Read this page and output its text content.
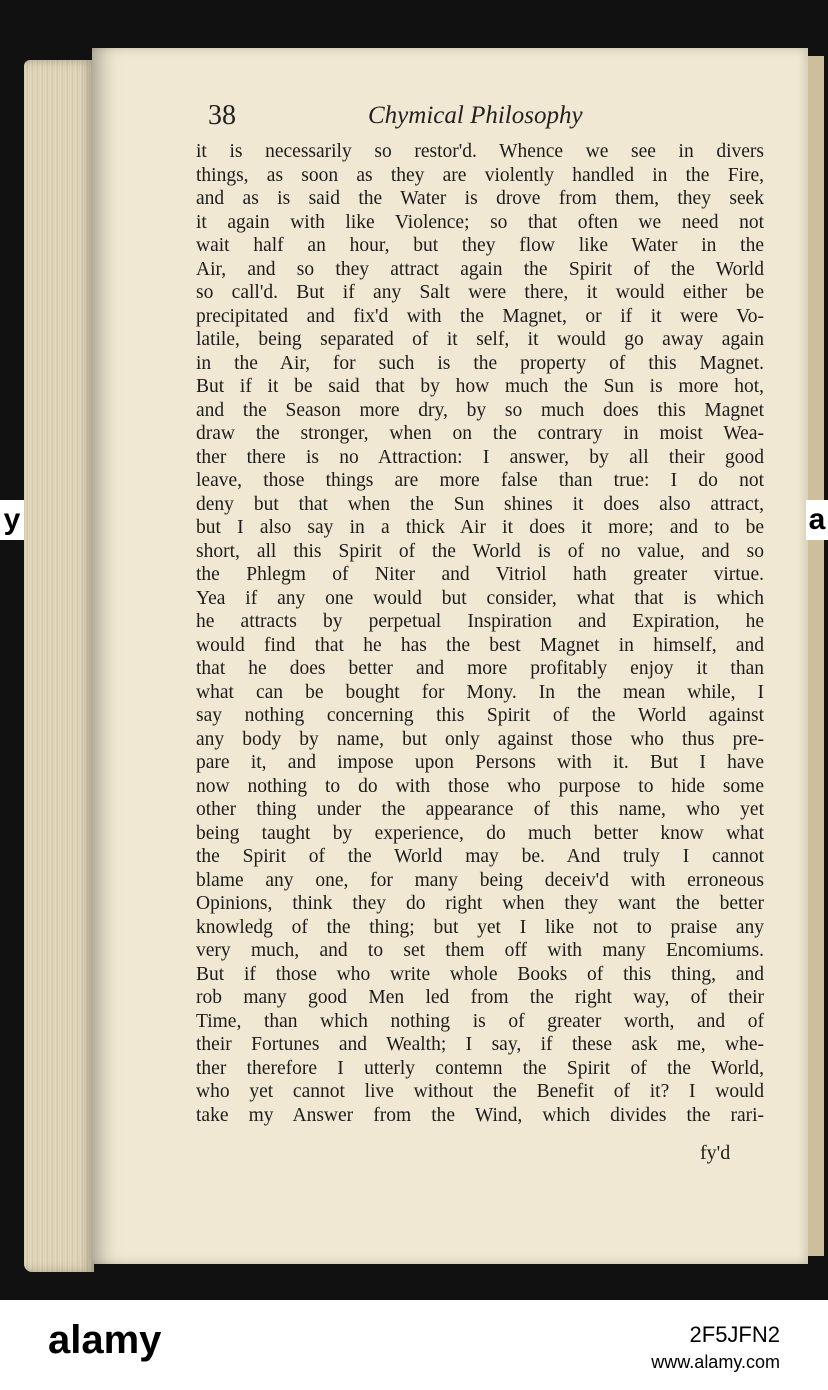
38	Chymical Philosophy
it is necessarily so restor'd. Whence we see in divers
things, as soon as they are violently handled in the Fire,
and as is said the Water is drove from them, they seek
it again with like Violence; so that often we need not
wait half an hour, but they flow like Water in the
Air, and so they attract again the Spirit of the World
so call'd. But if any Salt were there, it would either be
precipitated and fix'd with the Magnet, or if it were Vo-
latile, being separated of it self, it would go away again
in the Air, for such is the property of this Magnet.
But if it be said that by how much the Sun is more hot,
and the Season more dry, by so much does this Magnet
draw the stronger, when on the contrary in moist Wea-
ther there is no Attraction: I answer, by all their good
leave, those things are more false than true: I do not
deny but that when the Sun shines it does also attract,
but I also say in a thick Air it does it more; and to be
short, all this Spirit of the World is of no value, and so
the Phlegm of Niter and Vitriol hath greater virtue.
Yea if any one would but consider, what that is which
he attracts by perpetual Inspiration and Expiration, he
would find that he has the best Magnet in himself, and
that he does better and more profitably enjoy it than
what can be bought for Mony. In the mean while, I
say nothing concerning this Spirit of the World against
any body by name, but only against those who thus pre-
pare it, and impose upon Persons with it. But I have
now nothing to do with those who purpose to hide some
other thing under the appearance of this name, who yet
being taught by experience, do much better know what
the Spirit of the World may be. And truly I cannot
blame any one, for many being deceiv'd with erroneous
Opinions, think they do right when they want the better
knowledg of the thing; but yet I like not to praise any
very much, and to set them off with many Encomiums.
But if those who write whole Books of this thing, and
rob many good Men led from the right way, of their
Time, than which nothing is of greater worth, and of
their Fortunes and Wealth; I say, if these ask me, whe-
ther therefore I utterly contemn the Spirit of the World,
who yet cannot live without the Benefit of it? I would
take my Answer from the Wind, which divides the rari-
fy'd
y	a
alamy	2F5JFN2
www.alamy.com
